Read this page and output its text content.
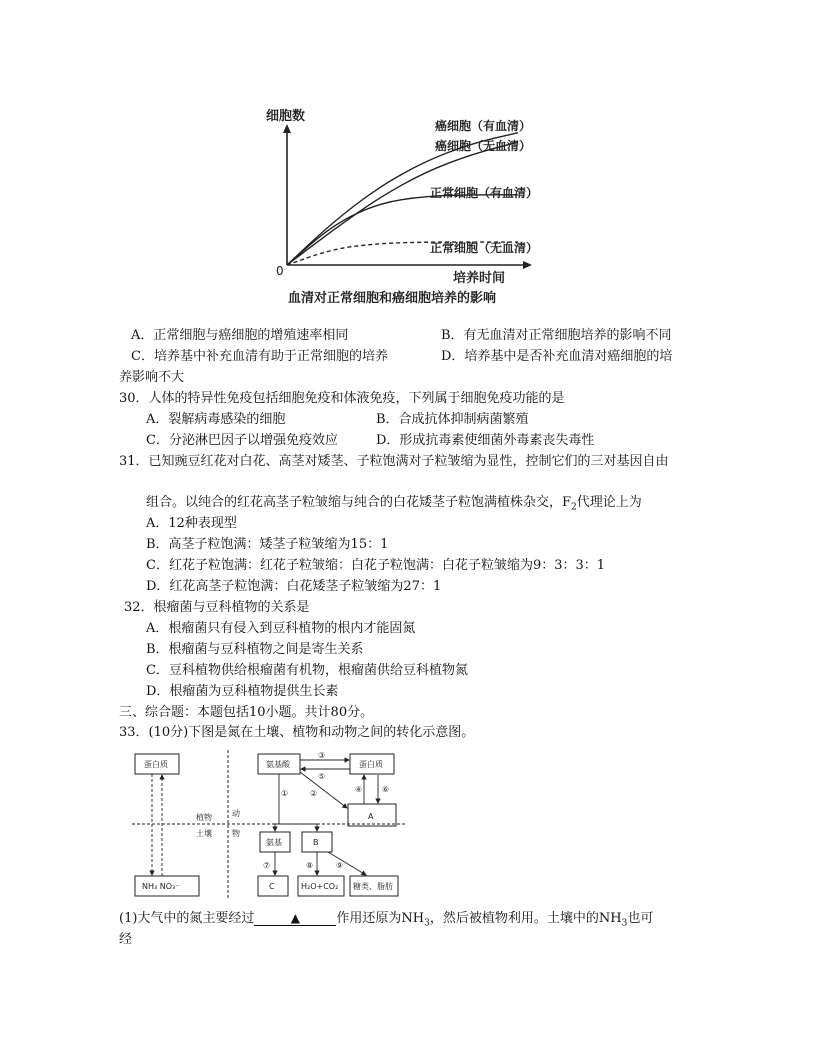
癌细胞（有血清）
癌细胞（无血清）
正常细胞（有血清）
正常细胞（无血清）
细胞数
0	培养时间
血清对正常细胞和癌细胞培养的影响
A．正常细胞与癌细胞的增殖速率相同	B．有无血清对正常细胞培养的影响不同
C．培养基中补充血清有助于正常细胞的培养	D．培养基中是否补充血清对癌细胞的培
养影响不大
30．人体的特异性免疫包括细胞免疫和体液免疫，下列属于细胞免疫功能的是
A．裂解病毒感染的细胞	B．合成抗体抑制病菌繁殖
C．分泌淋巴因子以增强免疫效应	D．形成抗毒素使细菌外毒素丧失毒性
31．已知豌豆红花对白花、高茎对矮茎、子粒饱满对子粒皱缩为显性，控制它们的三对基因自由
组合。以纯合的红花高茎子粒皱缩与纯合的白花矮茎子粒饱满植株杂交，$F_2$代理论上为
A．12种表现型
B．高茎子粒饱满：矮茎子粒皱缩为15：1
C．红花子粒饱满：红花子粒皱缩：白花子粒饱满：白花子粒皱缩为9：3：3：1
D．红花高茎子粒饱满：白花矮茎子粒皱缩为27：1
32．根瘤菌与豆科植物的关系是
A．根瘤菌只有侵入到豆科植物的根内才能固氮
B．根瘤菌与豆科植物之间是寄生关系
C．豆科植物供给根瘤菌有机物，根瘤菌供给豆科植物氮
D．根瘤菌为豆科植物提供生长素
三、综合题：本题包括10小题。共计80分。
33．(10分)下图是氮在土壤、植物和动物之间的转化示意图。
蛋白质	氨基酸	蛋白质
A
氨基	B
NH₃ NO₃⁻	C	H₂O+CO₂ 糖类、脂肪
植物
土壤
动
物
③
⑤
④ ⑥
①	②
⑦	⑧	⑨
(1)大气中的氮主要经过	▲	作用还原为$NH_3$，然后被植物利用。土壤中的$NH_3$也可
经
